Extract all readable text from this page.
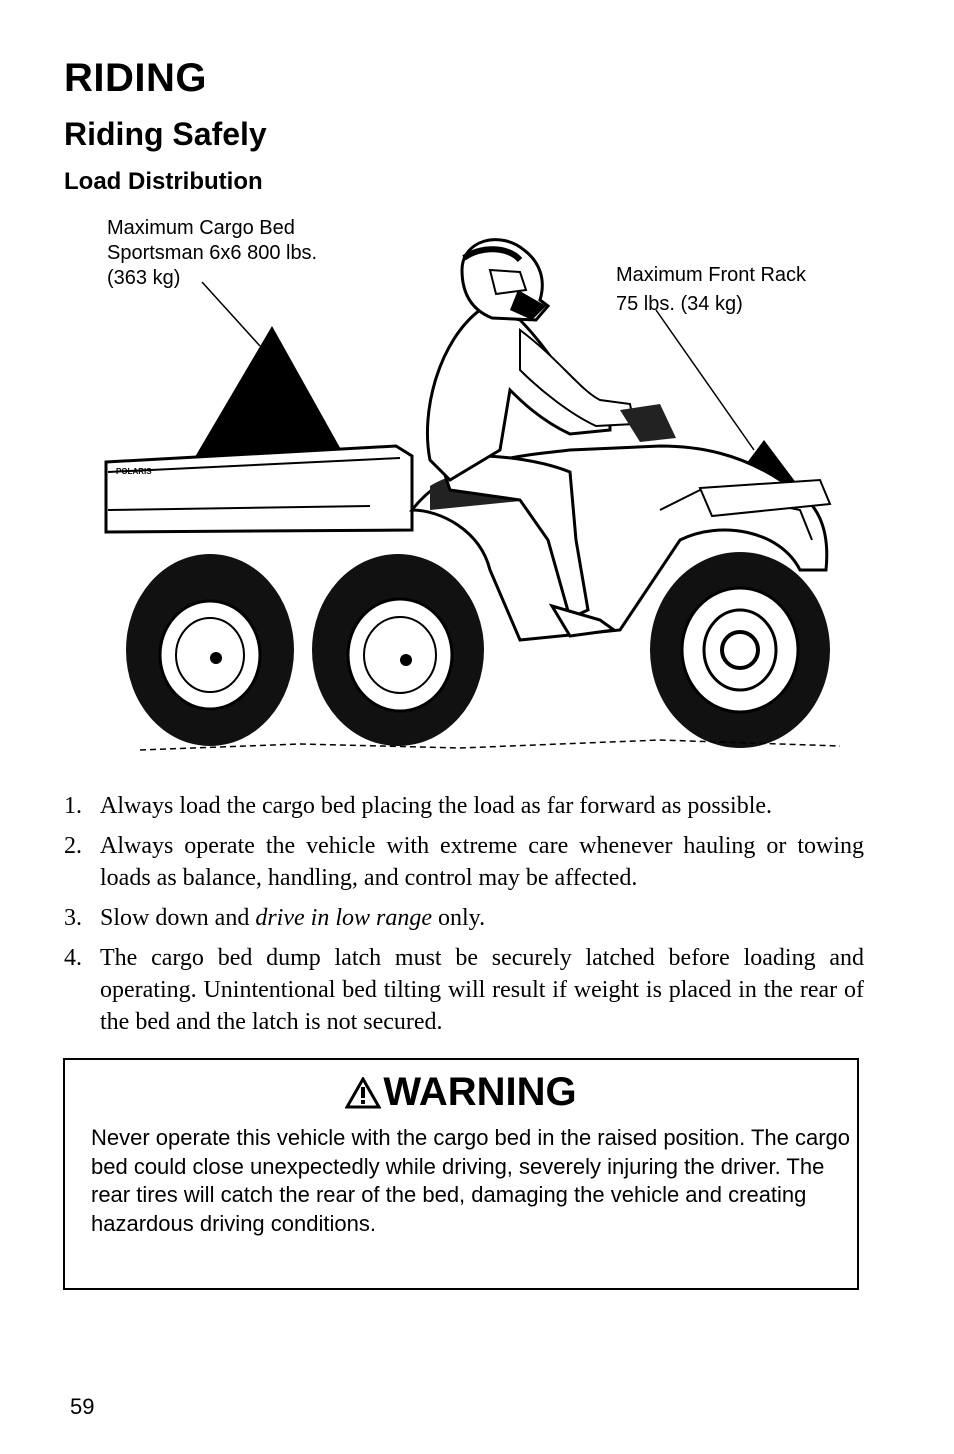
RIDING
Riding Safely
Load Distribution
POLARIS
Maximum Cargo Bed
Sportsman 6x6 800 lbs.
(363 kg)	Maximum Front Rack
75 lbs. (34 kg)
1. Always load the cargo bed placing the load as far forward as possible.
2. Always operate the vehicle with extreme care whenever hauling or towing loads as balance, handling, and control may be affected.
3. Slow down and drive in low range only.
4. The cargo bed dump latch must be securely latched before loading and operating. Unintentional bed tilting will result if weight is placed in the rear of the bed and the latch is not secured.
WARNING
Never operate this vehicle with the cargo bed in the raised position. The cargo bed could close unexpectedly while driving, severely injuring the driver. The rear tires will catch the rear of the bed, damaging the vehicle and creating hazardous driving conditions.
59
